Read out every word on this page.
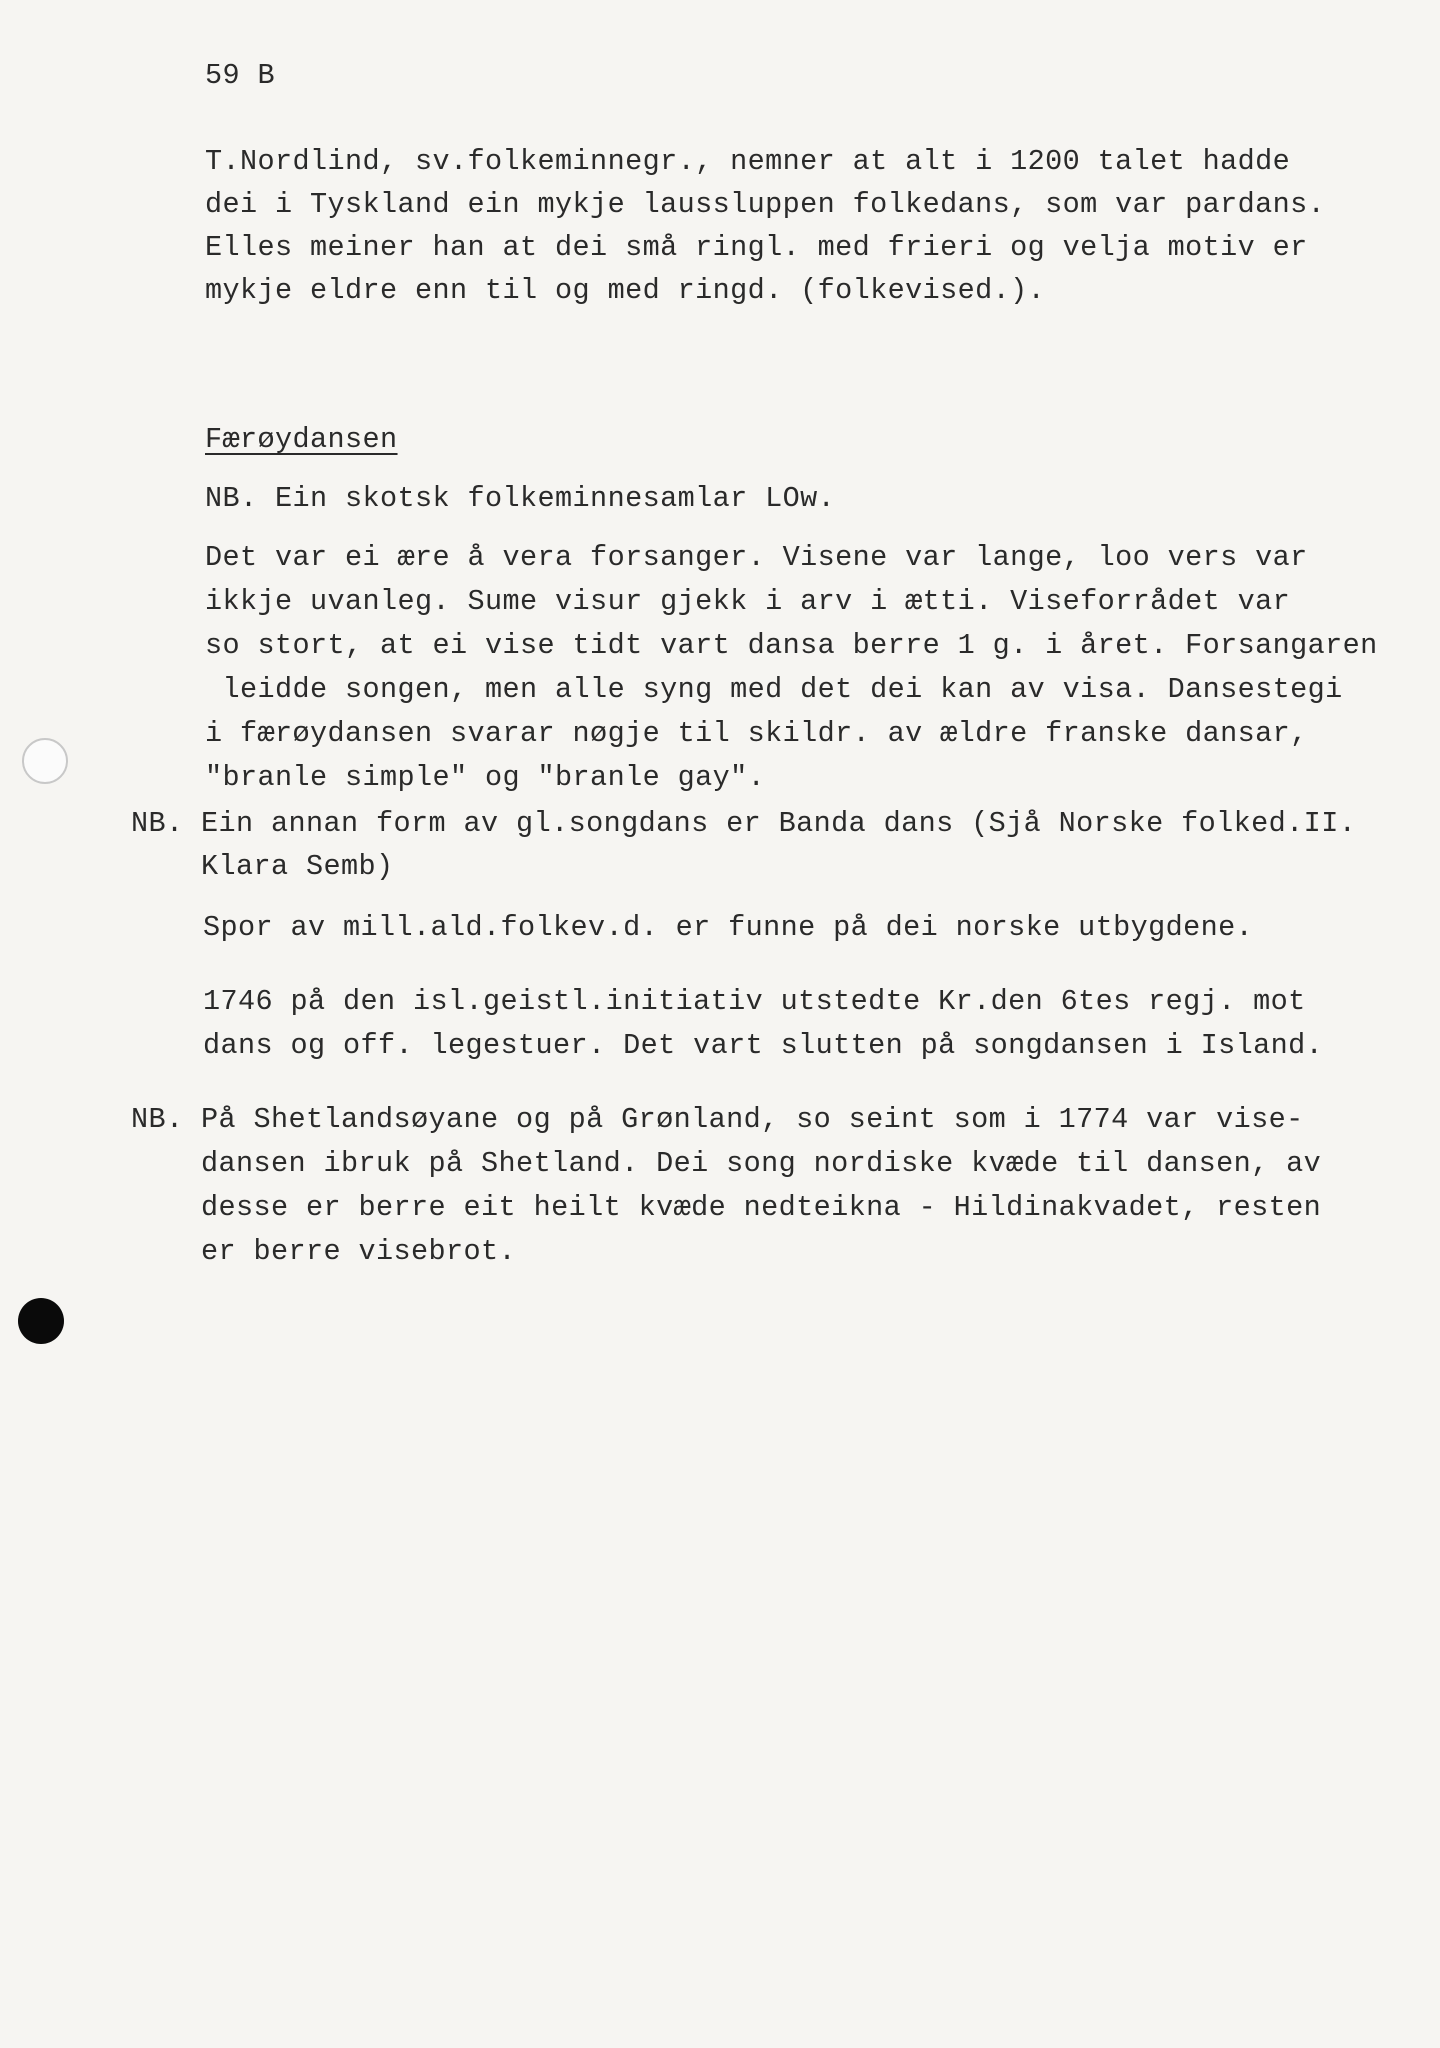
59 B
T.Nordlind, sv.folkeminnegr., nemner at alt i 1200 talet hadde
dei i Tyskland ein mykje laussluppen folkedans, som var pardans.
Elles meiner han at dei små ringl. med frieri og velja motiv er
mykje eldre enn til og med ringd. (folkevised.).
Færøydansen
NB. Ein skotsk folkeminnesamlar LOw.
Det var ei ære å vera forsanger. Visene var lange, loo vers var
ikkje uvanleg. Sume visur gjekk i arv i ætti. Viseforrådet var
so stort, at ei vise tidt vart dansa berre 1 g. i året. Forsangaren
leidde songen, men alle syng med det dei kan av visa. Dansestegi
i færøydansen svarar nøgje til skildr. av ældre franske dansar,
"branle simple" og "branle gay".
NB. Ein annan form av gl.songdans er Banda dans (Sjå Norske folked.II.
Klara Semb)
Spor av mill.ald.folkev.d. er funne på dei norske utbygdene.
1746 på den isl.geistl.initiativ utstedte Kr.den 6tes regj. mot
dans og off. legestuer. Det vart slutten på songdansen i Island.
NB. På Shetlandsøyane og på Grønland, so seint som i 1774 var vise-
dansen ibruk på Shetland. Dei song nordiske kvæde til dansen, av
desse er berre eit heilt kvæde nedteikna - Hildinakvadet, resten
er berre visebrot.
